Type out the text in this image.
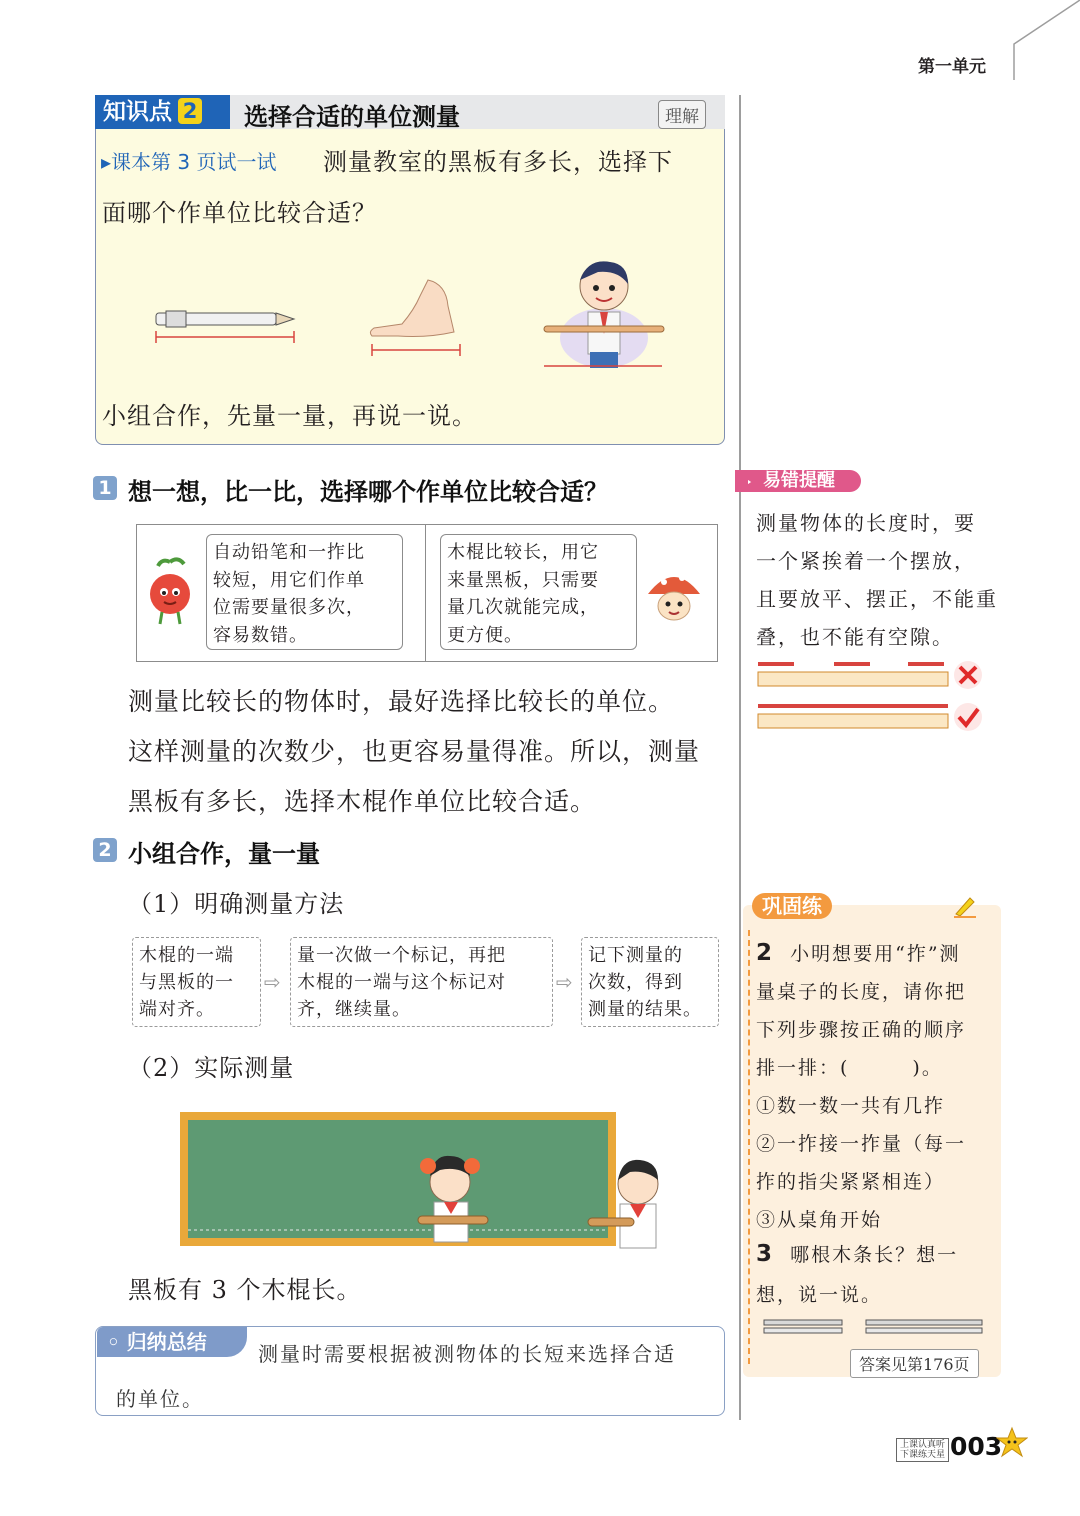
第一单元
知识点 2	选择合适的单位测量	理解
▸课本第 3 页试一试 测量教室的黑板有多长，选择下
面哪个作单位比较合适？
小组合作，先量一量，再说一说。
1 想一想，比一比，选择哪个作单位比较合适？
自动铅笔和一拃比
较短，用它们作单
位需要量很多次，
容易数错。
木棍比较长，用它
来量黑板，只需要
量几次就能完成，
更方便。
测量比较长的物体时，最好选择比较长的单位。
这样测量的次数少，也更容易量得准。所以，测量
黑板有多长，选择木棍作单位比较合适。
2 小组合作，量一量
（1）明确测量方法
木棍的一端
与黑板的一
端对齐。
⇨
量一次做一个标记，再把
木棍的一端与这个标记对
齐，继续量。
⇨
记下测量的
次数，得到
测量的结果。
（2）实际测量
黑板有 3 个木棍长。
◦ 归纳总结	测量时需要根据被测物体的长短来选择合适
的单位。
易错提醒
测量物体的长度时，要
一个紧挨着一个摆放，
且要放平、摆正，不能重
叠，也不能有空隙。
巩固练
2 小明想要用“拃”测
量桌子的长度，请你把
下列步骤按正确的顺序
排一排：(　　　)。
①数一数一共有几拃
②一拃接一拃量（每一
拃的指尖紧紧相连）
③从桌角开始
3 哪根木条长？想一
想，说一说。
答案见第176页
上课认真听
下课练天星 003
